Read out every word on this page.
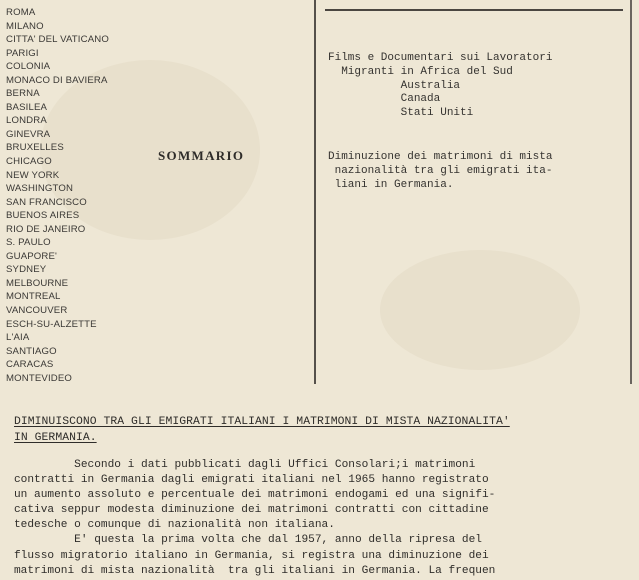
ROMA
MILANO
CITTA' DEL VATICANO
PARIGI
COLONIA
MONACO DI BAVIERA
BERNA
BASILEA
LONDRA
GINEVRA
BRUXELLES
CHICAGO
NEW YORK
WASHINGTON
SAN FRANCISCO
BUENOS AIRES
RIO DE JANEIRO
S. PAULO
GUAPORE'
SYDNEY
MELBOURNE
MONTREAL
VANCOUVER
ESCH-SU-ALZETTE
L'AIA
SANTIAGO
CARACAS
MONTEVIDEO
SOMMARIO
Films e Documentari sui Lavoratori
Migranti in Africa del Sud
Australia
Canada
Stati Uniti
Diminuzione dei matrimoni di mista
nazionalità tra gli emigrati ita-
liani in Germania.
DIMINUISCONO TRA GLI EMIGRATI ITALIANI I MATRIMONI DI MISTA NAZIONALITA'
IN GERMANIA.
Secondo i dati pubblicati dagli Uffici Consolari;i matrimoni
contratti in Germania dagli emigrati italiani nel 1965 hanno registrato
un aumento assoluto e percentuale dei matrimoni endogami ed una signifi-
cativa seppur modesta diminuzione dei matrimoni contratti con cittadine
tedesche o comunque di nazionalità non italiana.
E' questa la prima volta che dal 1957, anno della ripresa del
flusso migratorio italiano in Germania, si registra una diminuzione dei
matrimoni di mista nazionalità  tra gli italiani in Germania. La frequen
